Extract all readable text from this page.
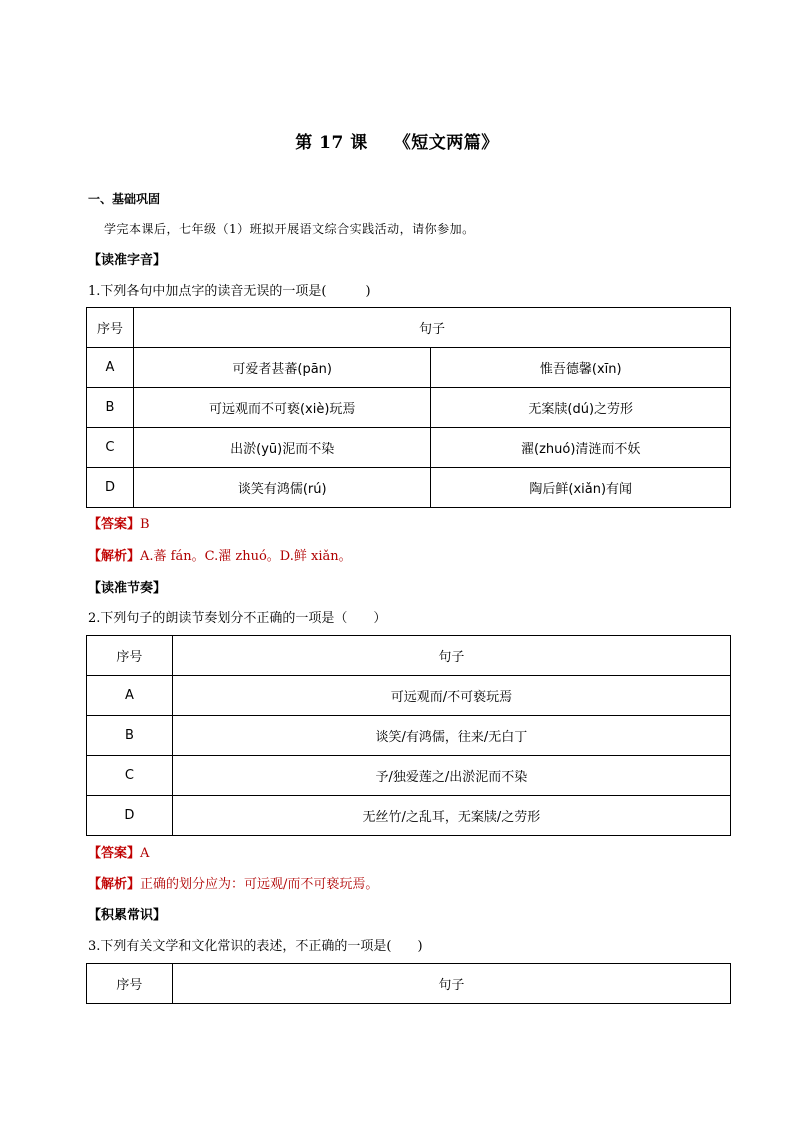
第 17 课 《短文两篇》
一、基础巩固
学完本课后，七年级（1）班拟开展语文综合实践活动，请你参加。
【读准字音】
1.下列各句中加点字的读音无误的一项是(　　　)
序号	句子	
A	可爱者甚蕃(pān)	惟吾德馨(xīn)
B	可远观而不可亵(xiè)玩焉	无案牍(dú)之劳形
C	出淤(yū)泥而不染	濯(zhuó)清涟而不妖
D	谈笑有鸿儒(rú)	陶后鲜(xiǎn)有闻
【答案】B
【解析】A.蕃 fán。C.濯 zhuó。D.鲜 xiǎn。
【读准节奏】
2.下列句子的朗读节奏划分不正确的一项是（　　）
序号	句子
A	可远观而/不可亵玩焉
B	谈笑/有鸿儒，往来/无白丁
C	予/独爱莲之/出淤泥而不染
D	无丝竹/之乱耳，无案牍/之劳形
【答案】A
【解析】正确的划分应为：可远观/而不可亵玩焉。
【积累常识】
3.下列有关文学和文化常识的表述，不正确的一项是(　　)
序号	句子
